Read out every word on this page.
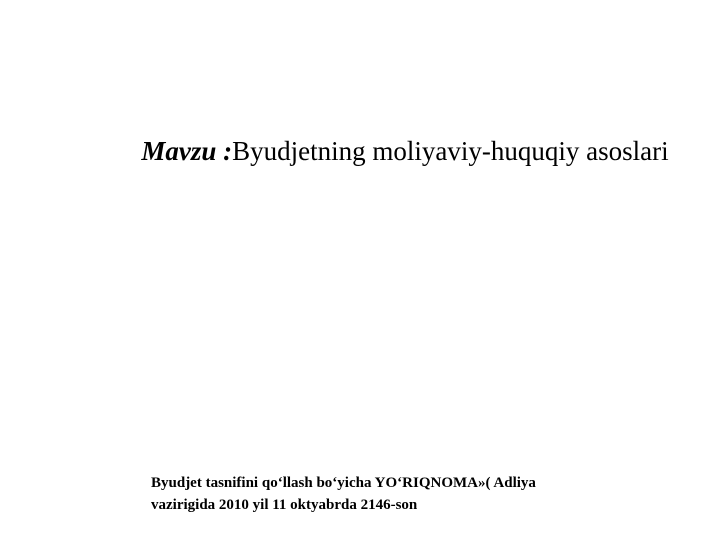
Mavzu :Byudjetning moliyaviy-huquqiy asoslari
Byudjet tasnifini qo‘llash bo‘yicha YO‘RIQNOMA»( Adliya
vazirigida 2010 yil 11 oktyabrda 2146-son
